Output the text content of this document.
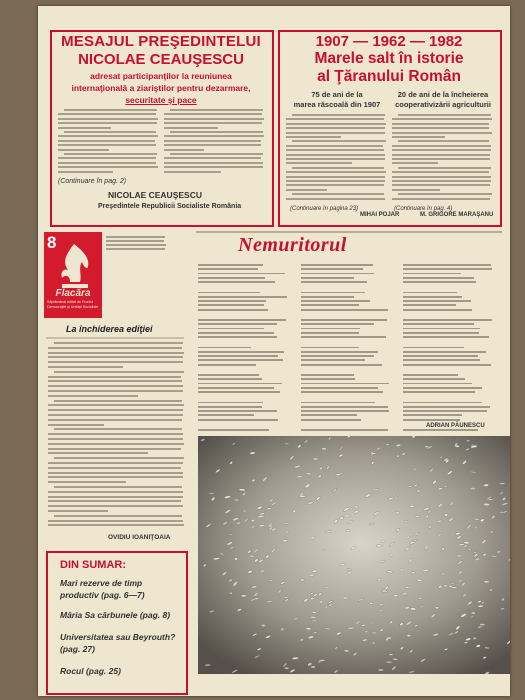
MESAJUL PREŞEDINTELUI
NICOLAE CEAUŞESCU
adresat participanţilor la reuniunea
internaţională a ziariştilor pentru dezarmare,
securitate şi pace
(Continuare în pag. 2)
NICOLAE CEAUŞESCU
Preşedintele Republicii Socialiste România
1907 — 1962 — 1982
Marele salt în istorie
al Ţăranului Român
75 de ani de la
marea răscoală din 1907
20 de ani de la încheierea
cooperativizării agriculturii
(Continuare în pagina 23)
MIHAI POJAR
(Continuare în pag. 4)
M. GRIGORE MARAŞANU
8
Flacăra
Săptămânal editat de Frontul Democraţiei şi Unităţii Socialiste
La închiderea ediţiei
OVIDIU IOANIŢOAIA
DIN SUMAR:
Mari rezerve de timp
productiv (pag. 6—7)
Mâria Sa cărbunele (pag. 8)
Universitatea sau Beyrouth?
(pag. 27)
Rocul (pag. 25)
Nemuritorul
ADRIAN PĂUNESCU
